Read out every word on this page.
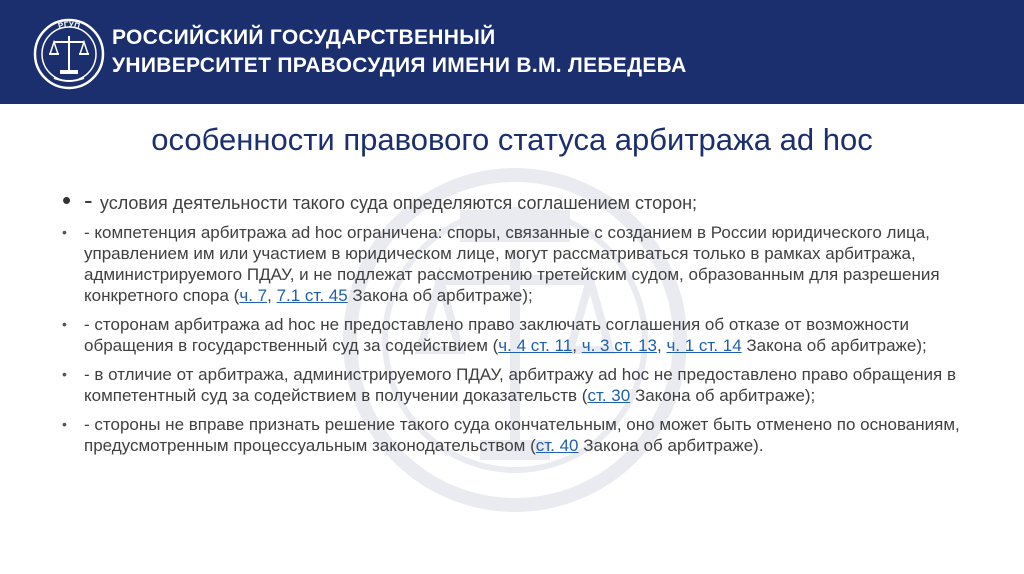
РГУП
РОССИЙСКИЙ ГОСУДАРСТВЕННЫЙ
УНИВЕРСИТЕТ ПРАВОСУДИЯ ИМЕНИ В.М. ЛЕБЕДЕВА
особенности правового статуса арбитража ad hoc
• - условия деятельности такого суда определяются соглашением сторон;
•	- компетенция арбитража ad hoc ограничена: споры, связанные с созданием в России юридического лица, управлением им или участием в юридическом лице, могут рассматриваться только в рамках арбитража, администрируемого ПДАУ, и не подлежат рассмотрению третейским судом, образованным для разрешения конкретного спора (ч. 7, 7.1 ст. 45 Закона об арбитраже);
•	- сторонам арбитража ad hoc не предоставлено право заключать соглашения об отказе от возможности обращения в государственный суд за содействием (ч. 4 ст. 11, ч. 3 ст. 13, ч. 1 ст. 14 Закона об арбитраже);
•	- в отличие от арбитража, администрируемого ПДАУ, арбитражу ad hoc не предоставлено право обращения в компетентный суд за содействием в получении доказательств (ст. 30 Закона об арбитраже);
•	- стороны не вправе признать решение такого суда окончательным, оно может быть отменено по основаниям, предусмотренным процессуальным законодательством (ст. 40 Закона об арбитраже).
